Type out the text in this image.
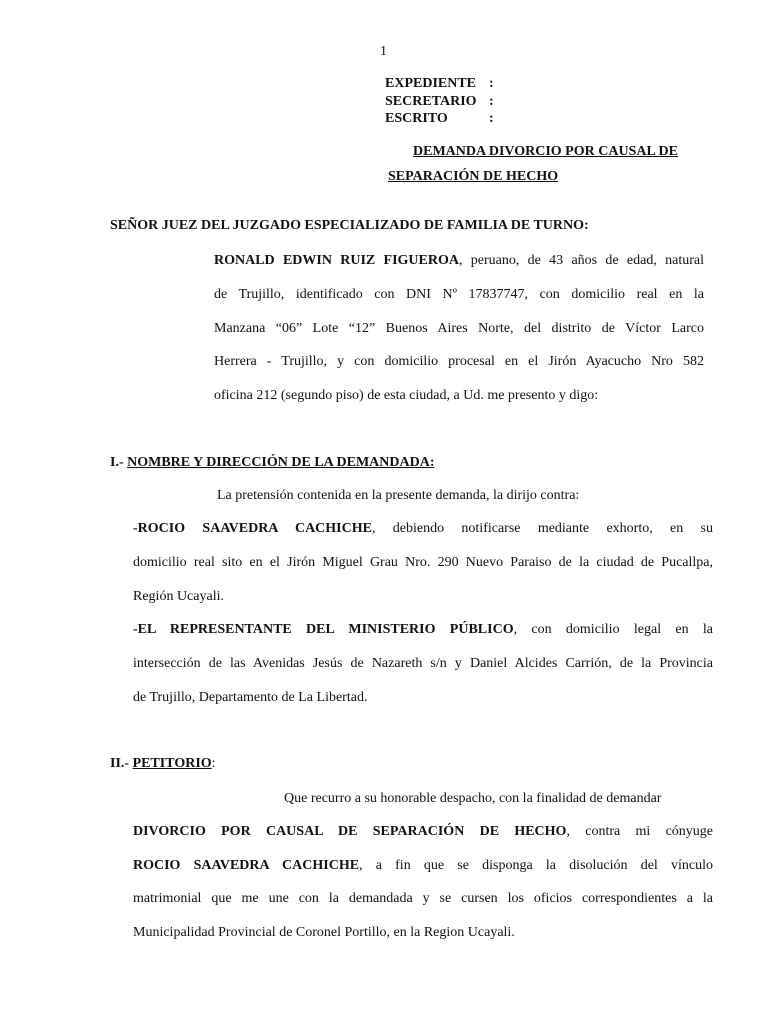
1
EXPEDIENTE :
SECRETARIO :
ESCRITO	:
DEMANDA DIVORCIO POR CAUSAL DE
SEPARACIÓN DE HECHO
SEÑOR JUEZ DEL JUZGADO ESPECIALIZADO DE FAMILIA DE TURNO:
RONALD EDWIN RUIZ FIGUEROA, peruano, de 43 años de edad, natural
de Trujillo, identificado con DNI Nº 17837747, con domicilio real en la
Manzana “06” Lote “12” Buenos Aires Norte, del distrito de Víctor Larco
Herrera - Trujillo, y con domicilio procesal en el Jirón Ayacucho Nro 582
oficina 212 (segundo piso) de esta ciudad, a Ud. me presento y digo:
I.- NOMBRE Y DIRECCIÓN DE LA DEMANDADA:
La pretensión contenida en la presente demanda, la dirijo contra:
-ROCIO SAAVEDRA CACHICHE, debiendo notificarse mediante exhorto, en su
domicilio real sito en el Jirón Miguel Grau Nro. 290 Nuevo Paraiso de la ciudad de Pucallpa,
Región Ucayali.
-EL REPRESENTANTE DEL MINISTERIO PÚBLICO, con domicilio legal en la
intersección de las Avenidas Jesús de Nazareth s/n y Daniel Alcides Carrión, de la Provincia
de Trujillo, Departamento de La Libertad.
II.- PETITORIO:
Que recurro a su honorable despacho, con la finalidad de demandar
DIVORCIO POR CAUSAL DE SEPARACIÓN DE HECHO, contra mi cónyuge
ROCIO SAAVEDRA CACHICHE, a fin que se disponga la disolución del vínculo
matrimonial que me une con la demandada y se cursen los oficios correspondientes a la
Municipalidad Provincial de Coronel Portillo, en la Region Ucayali.
